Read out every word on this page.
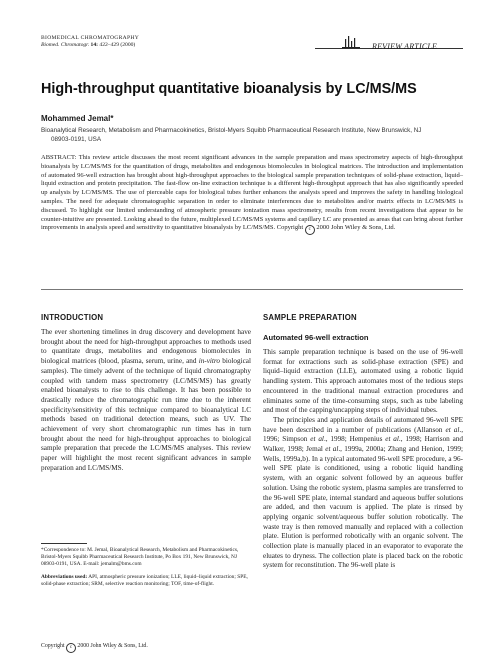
BIOMEDICAL CHROMATOGRAPHY
Biomed. Chromatogr. 14: 422–429 (2000)	REVIEW ARTICLE
High-throughput quantitative bioanalysis by LC/MS/MS
Mohammed Jemal*
Bioanalytical Research, Metabolism and Pharmacokinetics, Bristol-Myers Squibb Pharmaceutical Research Institute, New Brunswick, NJ
08903-0191, USA
ABSTRACT: This review article discusses the most recent significant advances in the sample preparation and mass spectrometry aspects of high-throughput bioanalysis by LC/MS/MS for the quantitation of drugs, metabolites and endogenous biomolecules in biological matrices. The introduction and implementation of automated 96-well extraction has brought about high-throughput approaches to the biological sample preparation techniques of solid-phase extraction, liquid–liquid extraction and protein precipitation. The fast-flow on-line extraction technique is a different high-throughput approach that has also significantly speeded up analysis by LC/MS/MS. The use of pierceable caps for biological tubes further enhances the analysis speed and improves the safety in handling biological samples. The need for adequate chromatographic separation in order to eliminate interferences due to metabolites and/or matrix effects in LC/MS/MS is discussed. To highlight our limited understanding of atmospheric pressure ionization mass spectrometry, results from recent investigations that appear to be counter-intuitive are presented. Looking ahead to the future, multiplexed LC/MS/MS systems and capillary LC are presented as areas that can bring about further improvements in analysis speed and sensitivity to quantitative bioanalysis by LC/MS/MS. Copyright c 2000 John Wiley & Sons, Ltd.
INTRODUCTION

The ever shortening timelines in drug discovery and development have brought about the need for high-throughput approaches to methods used to quantitate drugs, metabolites and endogenous biomolecules in biological matrices (blood, plasma, serum, urine, and in-vitro biological samples). The timely advent of the technique of liquid chromatography coupled with tandem mass spectrometry (LC/MS/MS) has greatly enabled bioanalysts to rise to this challenge. It has been possible to drastically reduce the chromatographic run time due to the inherent specificity/sensitivity of this technique compared to bioanalytical LC methods based on traditional detection means, such as UV. The achievement of very short chromatographic run times has in turn brought about the need for high-throughput approaches to biological sample preparation that precede the LC/MS/MS analyses. This review paper will highlight the most recent significant advances in sample preparation and LC/MS/MS.

*Correspondence to: M. Jemal, Bioanalytical Research, Metabolism and Pharmacokinetics, Bristol-Myers Squibb Pharmaceutical Research Institute, Po Box 191, New Brunswick, NJ 08903-0191, USA. E-mail: jemalm@bms.com
Abbreviations used: API, atmospheric pressure ionization; LLE, liquid–liquid extraction; SPE, solid-phase extraction; SRM, selective reaction monitoring; TOF, time-of-flight.
Copyright c 2000 John Wiley & Sons, Ltd.
SAMPLE PREPARATION
Automated 96-well extraction

This sample preparation technique is based on the use of 96-well format for extractions such as solid-phase extraction (SPE) and liquid–liquid extraction (LLE), automated using a robotic liquid handling system. This approach automates most of the tedious steps encountered in the traditional manual extraction procedures and eliminates some of the time-consuming steps, such as tube labeling and most of the capping/uncapping steps of individual tubes.

The principles and application details of automated 96-well SPE have been described in a number of publications (Allanson et al., 1996; Simpson et al., 1998; Hempenius et al., 1998; Harrison and Walker, 1998; Jemal et al., 1999a, 2000a; Zhang and Henion, 1999; Wells, 1999a,b). In a typical automated 96-well SPE procedure, a 96-well SPE plate is conditioned, using a robotic liquid handling system, with an organic solvent followed by an aqueous buffer solution. Using the robotic system, plasma samples are transferred to the 96-well SPE plate, internal standard and aqueous buffer solutions are added, and then vacuum is applied. The plate is rinsed by applying organic solvent/aqueous buffer solution robotically. The waste tray is then removed manually and replaced with a collection plate. Elution is performed robotically with an organic solvent. The collection plate is manually placed in an evaporator to evaporate the eluates to dryness. The collection plate is placed back on the robotic system for reconstitution. The 96-well plate is
